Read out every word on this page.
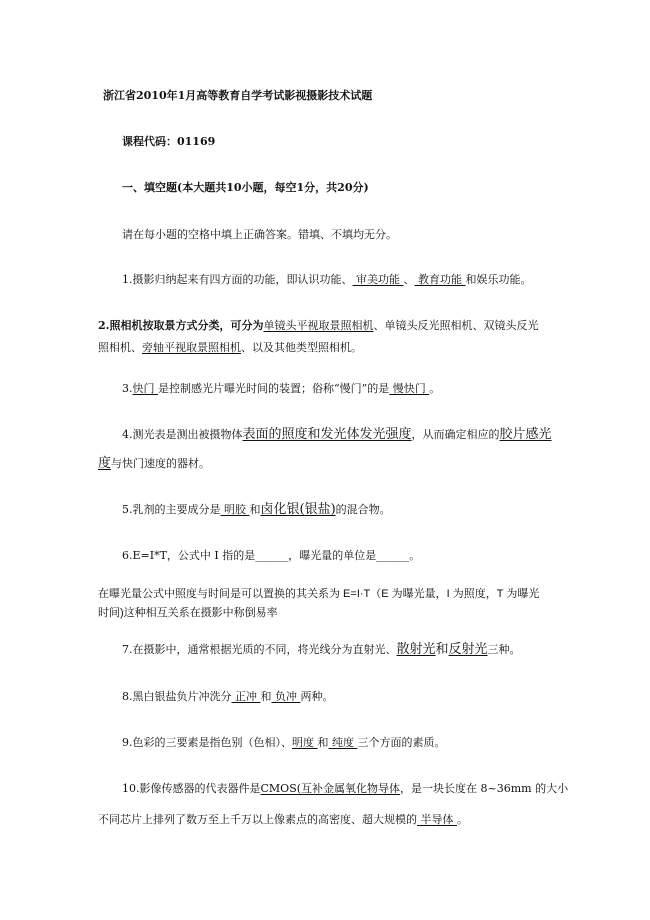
浙江省2010年1月高等教育自学考试影视摄影技术试题
课程代码：01169
一、填空题(本大题共10小题，每空1分，共20分)
请在每小题的空格中填上正确答案。错填、不填均无分。
1.摄影归纳起来有四方面的功能，即认识功能、 审美功能 、 教育功能 和娱乐功能。
2.照相机按取景方式分类，可分为单镜头平视取景照相机、单镜头反光照相机、双镜头反光
照相机、旁轴平视取景照相机、以及其他类型照相机。
3.快门 是控制感光片曝光时间的装置；俗称“慢门”的是 慢快门 。
4.测光表是测出被摄物体表面的照度和发光体发光强度，从而确定相应的胶片感光
度与快门速度的器材。
5.乳剂的主要成分是 明胶 和卤化银(银盐)的混合物。
6.E=I*T，公式中 I 指的是______，曝光量的单位是______。
在曝光量公式中照度与时间是可以置换的其关系为 E=I·T（E 为曝光量，I 为照度，T 为曝光
时间)这种相互关系在摄影中称倒易率
7.在摄影中，通常根据光质的不同，将光线分为直射光、散射光和反射光三种。
8.黑白银盐负片冲洗分 正冲 和 负冲 两种。
9.色彩的三要素是指色别（色相）、明度 和 纯度 三个方面的素质。
10.影像传感器的代表器件是CMOS(互补金属氧化物导体，是一块长度在 8~36mm 的大小
不同芯片上排列了数万至上千万以上像素点的高密度、超大规模的 半导体 。
